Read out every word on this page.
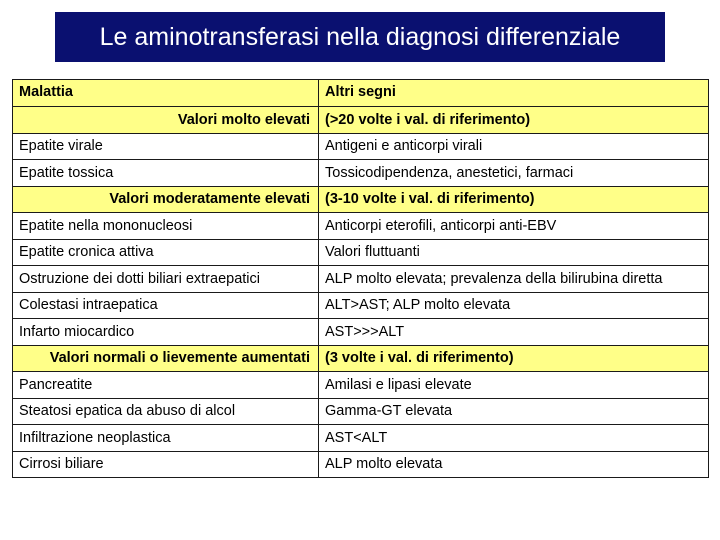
Le aminotransferasi nella diagnosi differenziale
Malattia	Altri segni
Valori molto elevati	(>20 volte i val. di riferimento)
Epatite virale	Antigeni e anticorpi virali
Epatite tossica	Tossicodipendenza, anestetici, farmaci
Valori moderatamente elevati	(3-10 volte i val. di riferimento)
Epatite nella mononucleosi	Anticorpi eterofili, anticorpi anti-EBV
Epatite cronica attiva	Valori fluttuanti
Ostruzione dei dotti biliari extraepatici	ALP molto elevata; prevalenza della bilirubina diretta
Colestasi intraepatica	ALT>AST; ALP molto elevata
Infarto miocardico	AST>>>ALT
Valori normali o lievemente aumentati	(3 volte i val. di riferimento)
Pancreatite	Amilasi e lipasi elevate
Steatosi epatica da abuso di alcol	Gamma-GT elevata
Infiltrazione neoplastica	AST<ALT
Cirrosi biliare	ALP molto elevata
